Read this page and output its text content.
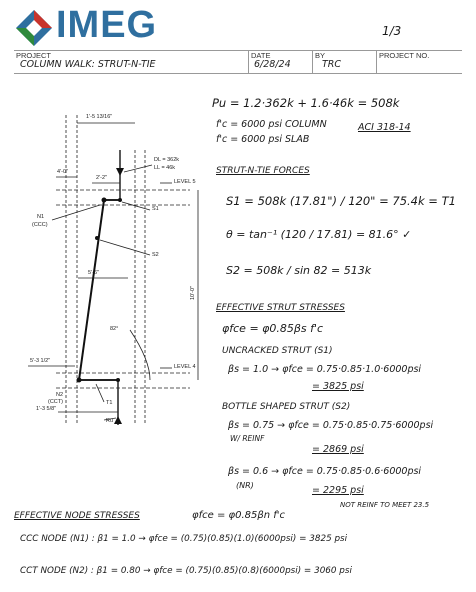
IMEG	1/3
PROJECT
COLUMN WALK: STRUT-N-TIE
DATE
6/28/24
BY
TRC
PROJECT NO.
1'-5 13/16"
DL = 362k
LL = 46k
4'-0"
2'-2"
LEVEL 5
N1
(CCC)
S1
S2
5'-6"
10'-0"
82°
5'-3 1/2"
LEVEL 4
N2
(CCT)
1'-3 5/8"
T1
Ru
Pu = 1.2·362k + 1.6·46k = 508k
f'c = 6000 psi COLUMN
f'c = 6000 psi SLAB
ACI 318-14
STRUT-N-TIE FORCES
S1 = 508k (17.81") / 120" = 75.4k = T1
θ = tan⁻¹ (120 / 17.81) = 81.6° ✓
S2 = 508k / sin 82 = 513k
EFFECTIVE STRUT STRESSES
φfce = φ0.85βs f'c
UNCRACKED STRUT (S1)
βs = 1.0 → φfce = 0.75·0.85·1.0·6000psi
= 3825 psi
BOTTLE SHAPED STRUT (S2)
βs = 0.75 → φfce = 0.75·0.85·0.75·6000psi
W/ REINF
= 2869 psi
βs = 0.6 → φfce = 0.75·0.85·0.6·6000psi
(NR)	= 2295 psi
NOT REINF TO MEET 23.5
EFFECTIVE NODE STRESSES	φfce = φ0.85βn f'c
CCC NODE (N1) : β1 = 1.0 → φfce = (0.75)(0.85)(1.0)(6000psi) = 3825 psi
CCT NODE (N2) : β1 = 0.80 → φfce = (0.75)(0.85)(0.8)(6000psi) = 3060 psi
